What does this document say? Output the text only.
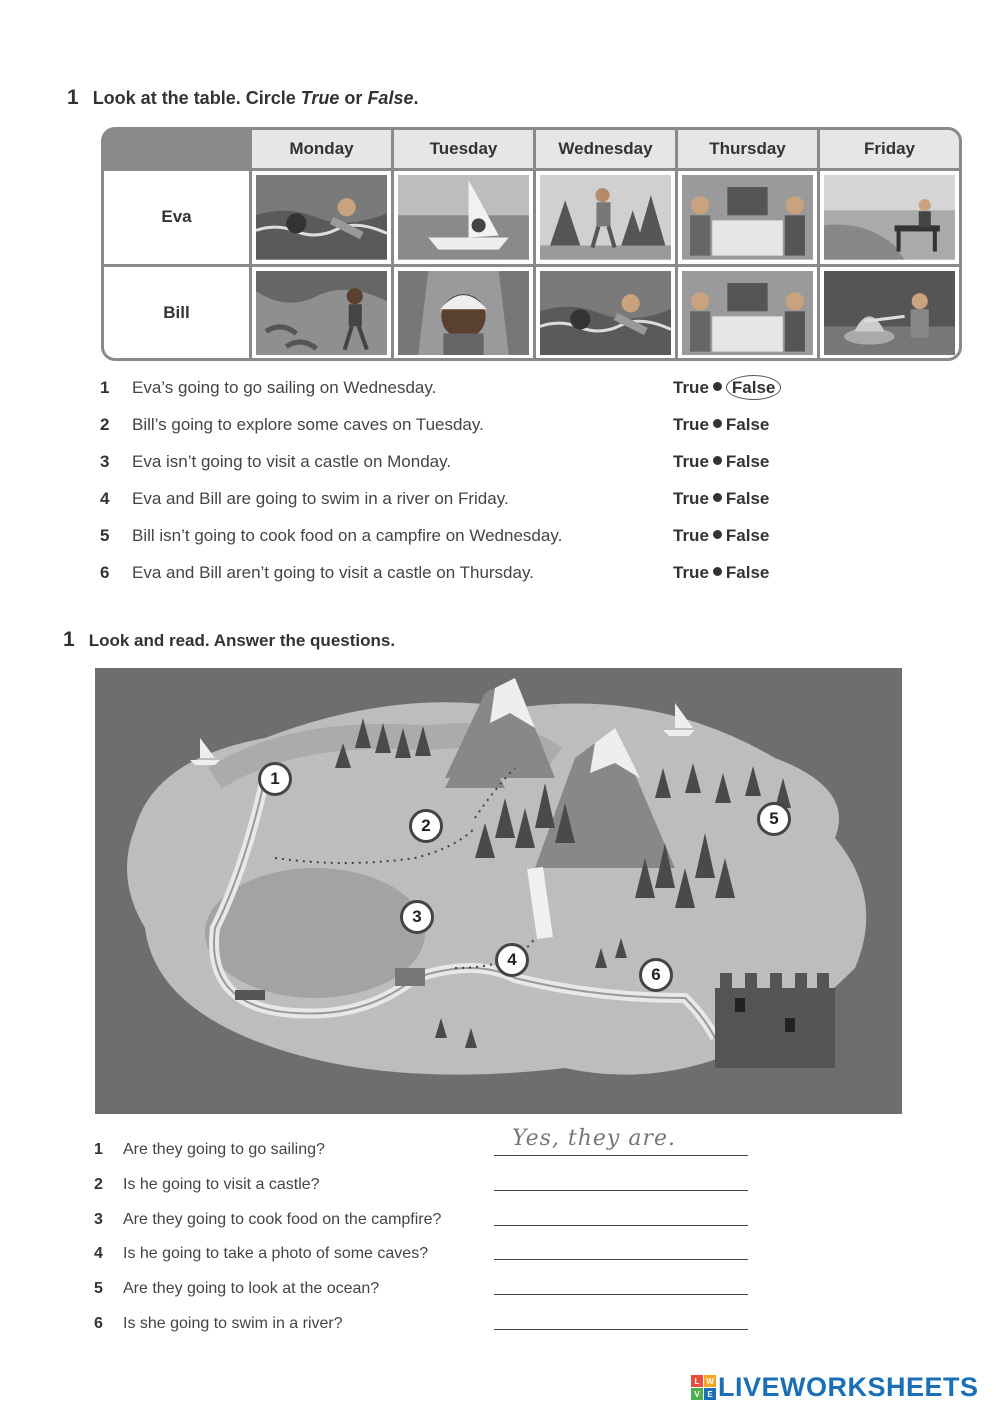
1 Look at the table. Circle True or False.
Monday	Tuesday	Wednesday	Thursday	Friday
Eva
Bill
1 Eva’s going to go sailing on Wednesday.	True False
2 Bill’s going to explore some caves on Tuesday.	True False
3 Eva isn’t going to visit a castle on Monday.	True False
4 Eva and Bill are going to swim in a river on Friday.	True False
5 Bill isn’t going to cook food on a campfire on Wednesday.	True False
6 Eva and Bill aren’t going to visit a castle on Thursday.	True False
1 Look and read. Answer the questions.
1
2
3
4
5
6
1 Are they going to go sailing?	Yes, they are.
2 Is he going to visit a castle?
3 Are they going to cook food on the campfire?
4 Is he going to take a photo of some caves?
5 Are they going to look at the ocean?
6 Is she going to swim in a river?
L W
V E LIVEWORKSHEETS
